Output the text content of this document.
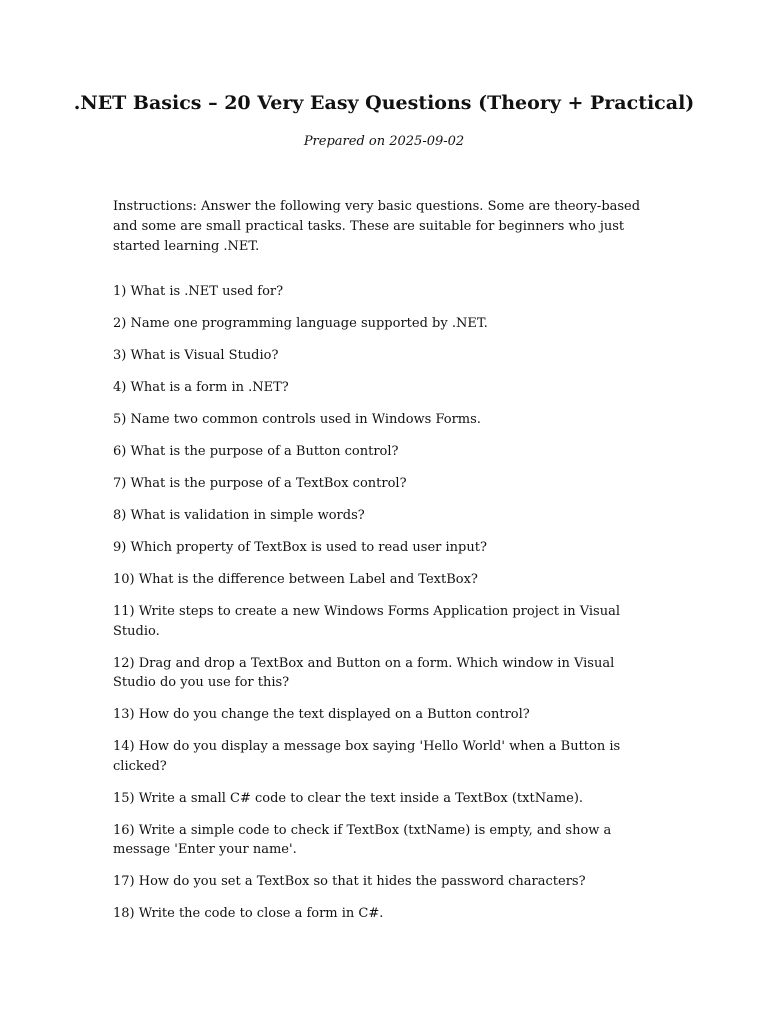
.NET Basics – 20 Very Easy Questions (Theory + Practical)
Prepared on 2025-09-02
Instructions: Answer the following very basic questions. Some are theory-based and some are small practical tasks. These are suitable for beginners who just started learning .NET.
1) What is .NET used for?
2) Name one programming language supported by .NET.
3) What is Visual Studio?
4) What is a form in .NET?
5) Name two common controls used in Windows Forms.
6) What is the purpose of a Button control?
7) What is the purpose of a TextBox control?
8) What is validation in simple words?
9) Which property of TextBox is used to read user input?
10) What is the difference between Label and TextBox?
11) Write steps to create a new Windows Forms Application project in Visual Studio.
12) Drag and drop a TextBox and Button on a form. Which window in Visual Studio do you use for this?
13) How do you change the text displayed on a Button control?
14) How do you display a message box saying 'Hello World' when a Button is clicked?
15) Write a small C# code to clear the text inside a TextBox (txtName).
16) Write a simple code to check if TextBox (txtName) is empty, and show a message 'Enter your name'.
17) How do you set a TextBox so that it hides the password characters?
18) Write the code to close a form in C#.
